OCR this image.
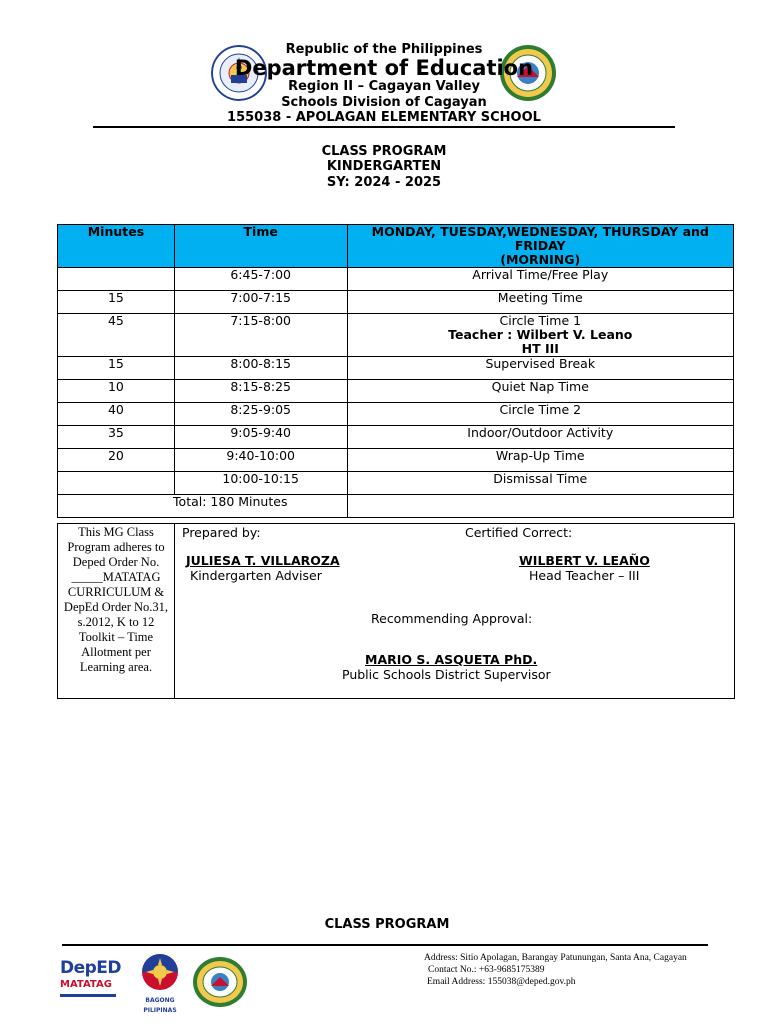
Republic of the Philippines
Department of Education
Region II – Cagayan Valley
Schools Division of Cagayan
155038 - APOLAGAN ELEMENTARY SCHOOL
CLASS PROGRAM
KINDERGARTEN
SY: 2024 - 2025
Minutes	Time	MONDAY, TUESDAY,WEDNESDAY, THURSDAY and FRIDAY
(MORNING)

	6:45-7:00	Arrival Time/Free Play
15	7:00-7:15	Meeting Time
45	7:15-8:00	Circle Time 1
Teacher : Wilbert V. Leano
HT III

15	8:00-8:15	Supervised Break
10	8:15-8:25	Quiet Nap Time
40	8:25-9:05	Circle Time 2
35	9:05-9:40	Indoor/Outdoor Activity
20	9:40-10:00	Wrap-Up Time
	10:00-10:15	Dismissal Time
Total: 180 Minutes		
This MG Class Program adheres to Deped Order No. _____MATATAG CURRICULUM & DepEd Order No.31, s.2012, K to 12 Toolkit – Time Allotment per Learning area.
Prepared by:	Certified Correct:
JULIESA T. VILLAROZA
Kindergarten Adviser
WILBERT V. LEAÑO
Head Teacher – III
Recommending Approval:
MARIO S. ASQUETA PhD.
Public Schools District Supervisor
CLASS PROGRAM
DepED
MATATAG
BAGONG PILIPINAS
Address: Sitio Apolagan, Barangay Patunungan, Santa Ana, Cagayan
Contact No.: +63-9685175389
Email Address: 155038@deped.gov.ph
